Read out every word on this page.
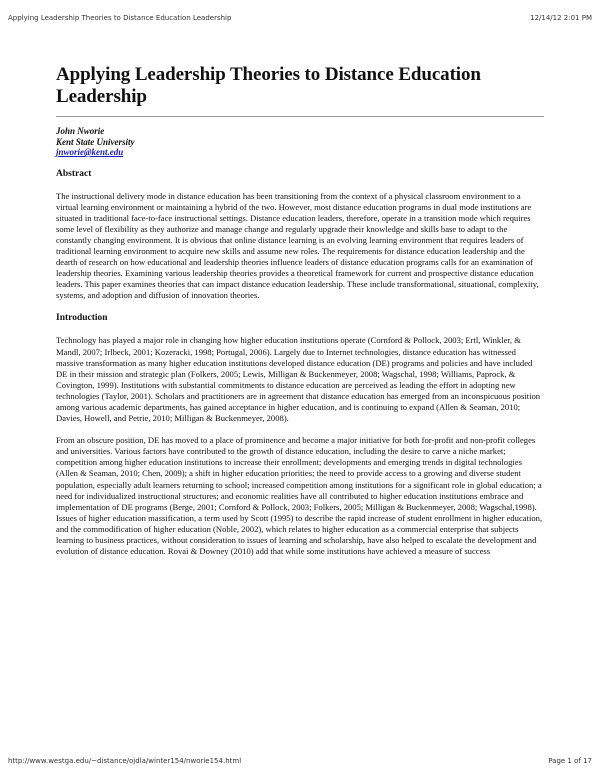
Applying Leadership Theories to Distance Education Leadership	12/14/12 2:01 PM
Applying Leadership Theories to Distance Education Leadership
John Nworie
Kent State University
jnworie@kent.edu
Abstract

The instructional delivery mode in distance education has been transitioning from the context of a physical classroom environment to a virtual learning environment or maintaining a hybrid of the two. However, most distance education programs in dual mode institutions are situated in traditional face-to-face instructional settings. Distance education leaders, therefore, operate in a transition mode which requires some level of flexibility as they authorize and manage change and regularly upgrade their knowledge and skills base to adapt to the constantly changing environment. It is obvious that online distance learning is an evolving learning environment that requires leaders of traditional learning environment to acquire new skills and assume new roles. The requirements for distance education leadership and the dearth of research on how educational and leadership theories influence leaders of distance education programs calls for an examination of leadership theories. Examining various leadership theories provides a theoretical framework for current and prospective distance education leaders. This paper examines theories that can impact distance education leadership. These include transformational, situational, complexity, systems, and adoption and diffusion of innovation theories.

Introduction

Technology has played a major role in changing how higher education institutions operate (Cornford & Pollock, 2003; Ertl, Winkler, & Mandl, 2007; Irlbeck, 2001; Kozeracki, 1998; Portugal, 2006). Largely due to Internet technologies, distance education has witnessed massive transformation as many higher education institutions developed distance education (DE) programs and policies and have included DE in their mission and strategic plan (Folkers, 2005; Lewis, Milligan & Buckenmeyer, 2008; Wagschal, 1998; Williams, Paprock, & Covington, 1999). Institutions with substantial commitments to distance education are perceived as leading the effort in adopting new technologies (Taylor, 2001). Scholars and practitioners are in agreement that distance education has emerged from an inconspicuous position among various academic departments, has gained acceptance in higher education, and is continuing to expand (Allen & Seaman, 2010; Davies, Howell, and Petrie, 2010; Milligan & Buckenmeyer, 2008).

From an obscure position, DE has moved to a place of prominence and become a major initiative for both for-profit and non-profit colleges and universities. Various factors have contributed to the growth of distance education, including the desire to carve a niche market; competition among higher education institutions to increase their enrollment; developments and emerging trends in digital technologies (Allen & Seaman, 2010; Chen, 2009); a shift in higher education priorities; the need to provide access to a growing and diverse student population, especially adult learners returning to school; increased competition among institutions for a significant role in global education; a need for individualized instructional structures; and economic realities have all contributed to higher education institutions embrace and implementation of DE programs (Berge, 2001; Cornford & Pollock, 2003; Folkers, 2005; Milligan & Buckenmeyer, 2008; Wagschal,1998). Issues of higher education massification, a term used by Scott (1995) to describe the rapid increase of student enrollment in higher education, and the commodification of higher education (Noble, 2002), which relates to higher education as a commercial enterprise that subjects learning to business practices, without consideration to issues of learning and scholarship, have also helped to escalate the development and evolution of distance education. Rovai & Downey (2010) add that while some institutions have achieved a measure of success

http://www.westga.edu/~distance/ojdla/winter154/nworie154.html	Page 1 of 17
